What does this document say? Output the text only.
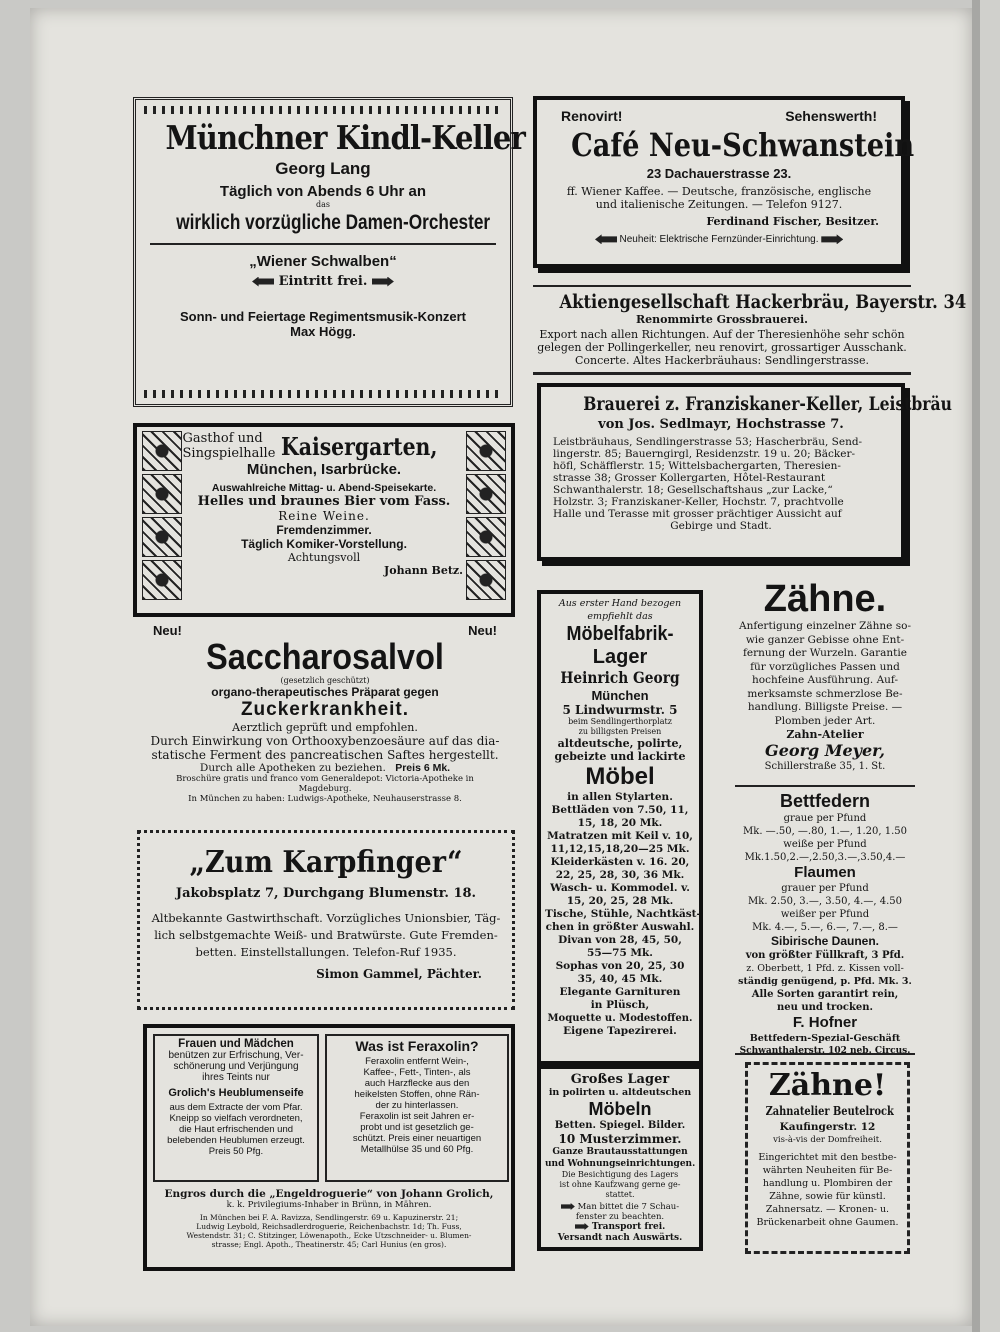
Münchner Kindl-Keller
Georg Lang
Täglich von Abends 6 Uhr an
das
wirklich vorzügliche Damen-Orchester
„Wiener Schwalben“
Eintritt frei.
Sonn- und Feiertage Regimentsmusik-Konzert
Max Högg.
Renovirt!	Sehenswerth!
Café Neu-Schwanstein
23 Dachauerstrasse 23.
ff. Wiener Kaffee. — Deutsche, französische, englische
und italienische Zeitungen. — Telefon 9127.
Ferdinand Fischer, Besitzer.
Neuheit: Elektrische Fernzünder-Einrichtung.
Aktiengesellschaft Hackerbräu, Bayerstr. 34
Renommirte Grossbrauerei.
Export nach allen Richtungen. Auf der Theresienhöhe sehr schön
gelegen der Pollingerkeller, neu renovirt, grossartiger Ausschank.
Concerte. Altes Hackerbräuhaus: Sendlingerstrasse.
Brauerei z. Franziskaner-Keller, Leistbräu
von Jos. Sedlmayr, Hochstrasse 7.
Leistbräuhaus, Sendlingerstrasse 53; Hascherbräu, Send-
lingerstr. 85; Bauerngirgl, Residenzstr. 19 u. 20; Bäcker-
höfl, Schäfflerstr. 15; Wittelsbachergarten, Theresien-
strasse 38; Grosser Kollergarten, Hôtel-Restaurant
Schwanthalerstr. 18; Gesellschaftshaus „zur Lacke,“
Holzstr. 3; Franziskaner-Keller, Hochstr. 7, prachtvolle
Halle und Terasse mit grosser prächtiger Aussicht auf
Gebirge und Stadt.
Gasthof und
Singspielhalle Kaisergarten,
München, Isarbrücke.
Auswahlreiche Mittag- u. Abend-Speisekarte.
Helles und braunes Bier vom Fass.
Reine Weine.
Fremdenzimmer.
Täglich Komiker-Vorstellung.
Achtungsvoll
Johann Betz.
Neu!	Neu!
Saccharosalvol
(gesetzlich geschützt)
organo-therapeutisches Präparat gegen
Zuckerkrankheit.
Aerztlich geprüft und empfohlen.
Durch Einwirkung von Orthooxybenzoesäure auf das dia-
statische Ferment des pancreatischen Saftes hergestellt.
Durch alle Apotheken zu beziehen. Preis 6 Mk.
Broschüre gratis und franco vom Generaldepot: Victoria-Apotheke in
Magdeburg.
In München zu haben: Ludwigs-Apotheke, Neuhauserstrasse 8.
„Zum Karpfinger“
Jakobsplatz 7, Durchgang Blumenstr. 18.
Altbekannte Gastwirthschaft. Vorzügliches Unionsbier, Täg-
lich selbstgemachte Weiß- und Bratwürste. Gute Fremden-
betten. Einstellstallungen. Telefon-Ruf 1935.
Simon Gammel, Pächter.
Frauen und Mädchen
benützen zur Erfrischung, Ver-
schönerung und Verjüngung
ihres Teints nur
Grolich's Heublumenseife
aus dem Extracte der vom Pfar.
Kneipp so vielfach verordneten,
die Haut erfrischenden und
belebenden Heublumen erzeugt.
Preis 50 Pfg.
Was ist Feraxolin?
Feraxolin entfernt Wein-,
Kaffee-, Fett-, Tinten-, als
auch Harzflecke aus den
heikelsten Stoffen, ohne Rän-
der zu hinterlassen.
Feraxolin ist seit Jahren er-
probt und ist gesetzlich ge-
schützt. Preis einer neuartigen
Metallhülse 35 und 60 Pfg.
Engros durch die „Engeldroguerie“ von Johann Grolich,
k. k. Privilegiums-Inhaber in Brünn, in Mähren.
In München bei F. A. Ravizza, Sendlingerstr. 69 u. Kapuzinerstr. 21;
Ludwig Leybold, Reichsadlerdroguerie, Reichenbachstr. 1d; Th. Fuss,
Westendstr. 31; C. Stitzinger, Löwenapoth., Ecke Utzschneider- u. Blumen-
strasse; Engl. Apoth., Theatinerstr. 45; Carl Hunius (en gros).
Aus erster Hand bezogen
empfiehlt das
Möbelfabrik-
Lager
Heinrich Georg
München
5 Lindwurmstr. 5
beim Sendlingerthorplatz
zu billigsten Preisen
altdeutsche, polirte,
gebeizte und lackirte
Möbel
in allen Stylarten.
Bettläden von 7.50, 11,
15, 18, 20 Mk.
Matratzen mit Keil v. 10,
11,12,15,18,20—25 Mk.
Kleiderkästen v. 16. 20,
22, 25, 28, 30, 36 Mk.
Wasch- u. Kommodel. v.
15, 20, 25, 28 Mk.
Tische, Stühle, Nachtkäst-
chen in größter Auswahl.
Divan von 28, 45, 50,
55—75 Mk.
Sophas von 20, 25, 30
35, 40, 45 Mk.
Elegante Garnituren
in Plüsch,
Moquette u. Modestoffen.
Eigene Tapezirerei.
Großes Lager
in polirten u. altdeutschen
Möbeln
Betten. Spiegel. Bilder.
10 Musterzimmer.
Ganze Brautausstattungen
und Wohnungseinrichtungen.
Die Besichtigung des Lagers
ist ohne Kaufzwang gerne ge-
stattet.
Man bittet die 7 Schau-
fenster zu beachten.
Transport frei.
Versandt nach Auswärts.
Zähne.
Anfertigung einzelner Zähne so-
wie ganzer Gebisse ohne Ent-
fernung der Wurzeln. Garantie
für vorzügliches Passen und
hochfeine Ausführung. Auf-
merksamste schmerzlose Be-
handlung. Billigste Preise. —
Plomben jeder Art.
Zahn-Atelier
Georg Meyer,
Schillerstraße 35, 1. St.
Bettfedern
graue per Pfund
Mk. —.50, —.80, 1.—, 1.20, 1.50
weiße per Pfund
Mk.1.50,2.—,2.50,3.—,3.50,4.—
Flaumen
grauer per Pfund
Mk. 2.50, 3.—, 3.50, 4.—, 4.50
weißer per Pfund
Mk. 4.—, 5.—, 6.—, 7.—, 8.—
Sibirische Daunen.
von größter Füllkraft, 3 Pfd.
z. Oberbett, 1 Pfd. z. Kissen voll-
ständig genügend, p. Pfd. Mk. 3.
Alle Sorten garantirt rein,
neu und trocken.
F. Hofner
Bettfedern-Spezial-Geschäft
Schwanthalerstr. 102 neb. Circus.
Zähne!
Zahnatelier Beutelrock
Kaufingerstr. 12
vis-à-vis der Domfreiheit.
Eingerichtet mit den bestbe-
währten Neuheiten für Be-
handlung u. Plombiren der
Zähne, sowie für künstl.
Zahnersatz. — Kronen- u.
Brückenarbeit ohne Gaumen.
